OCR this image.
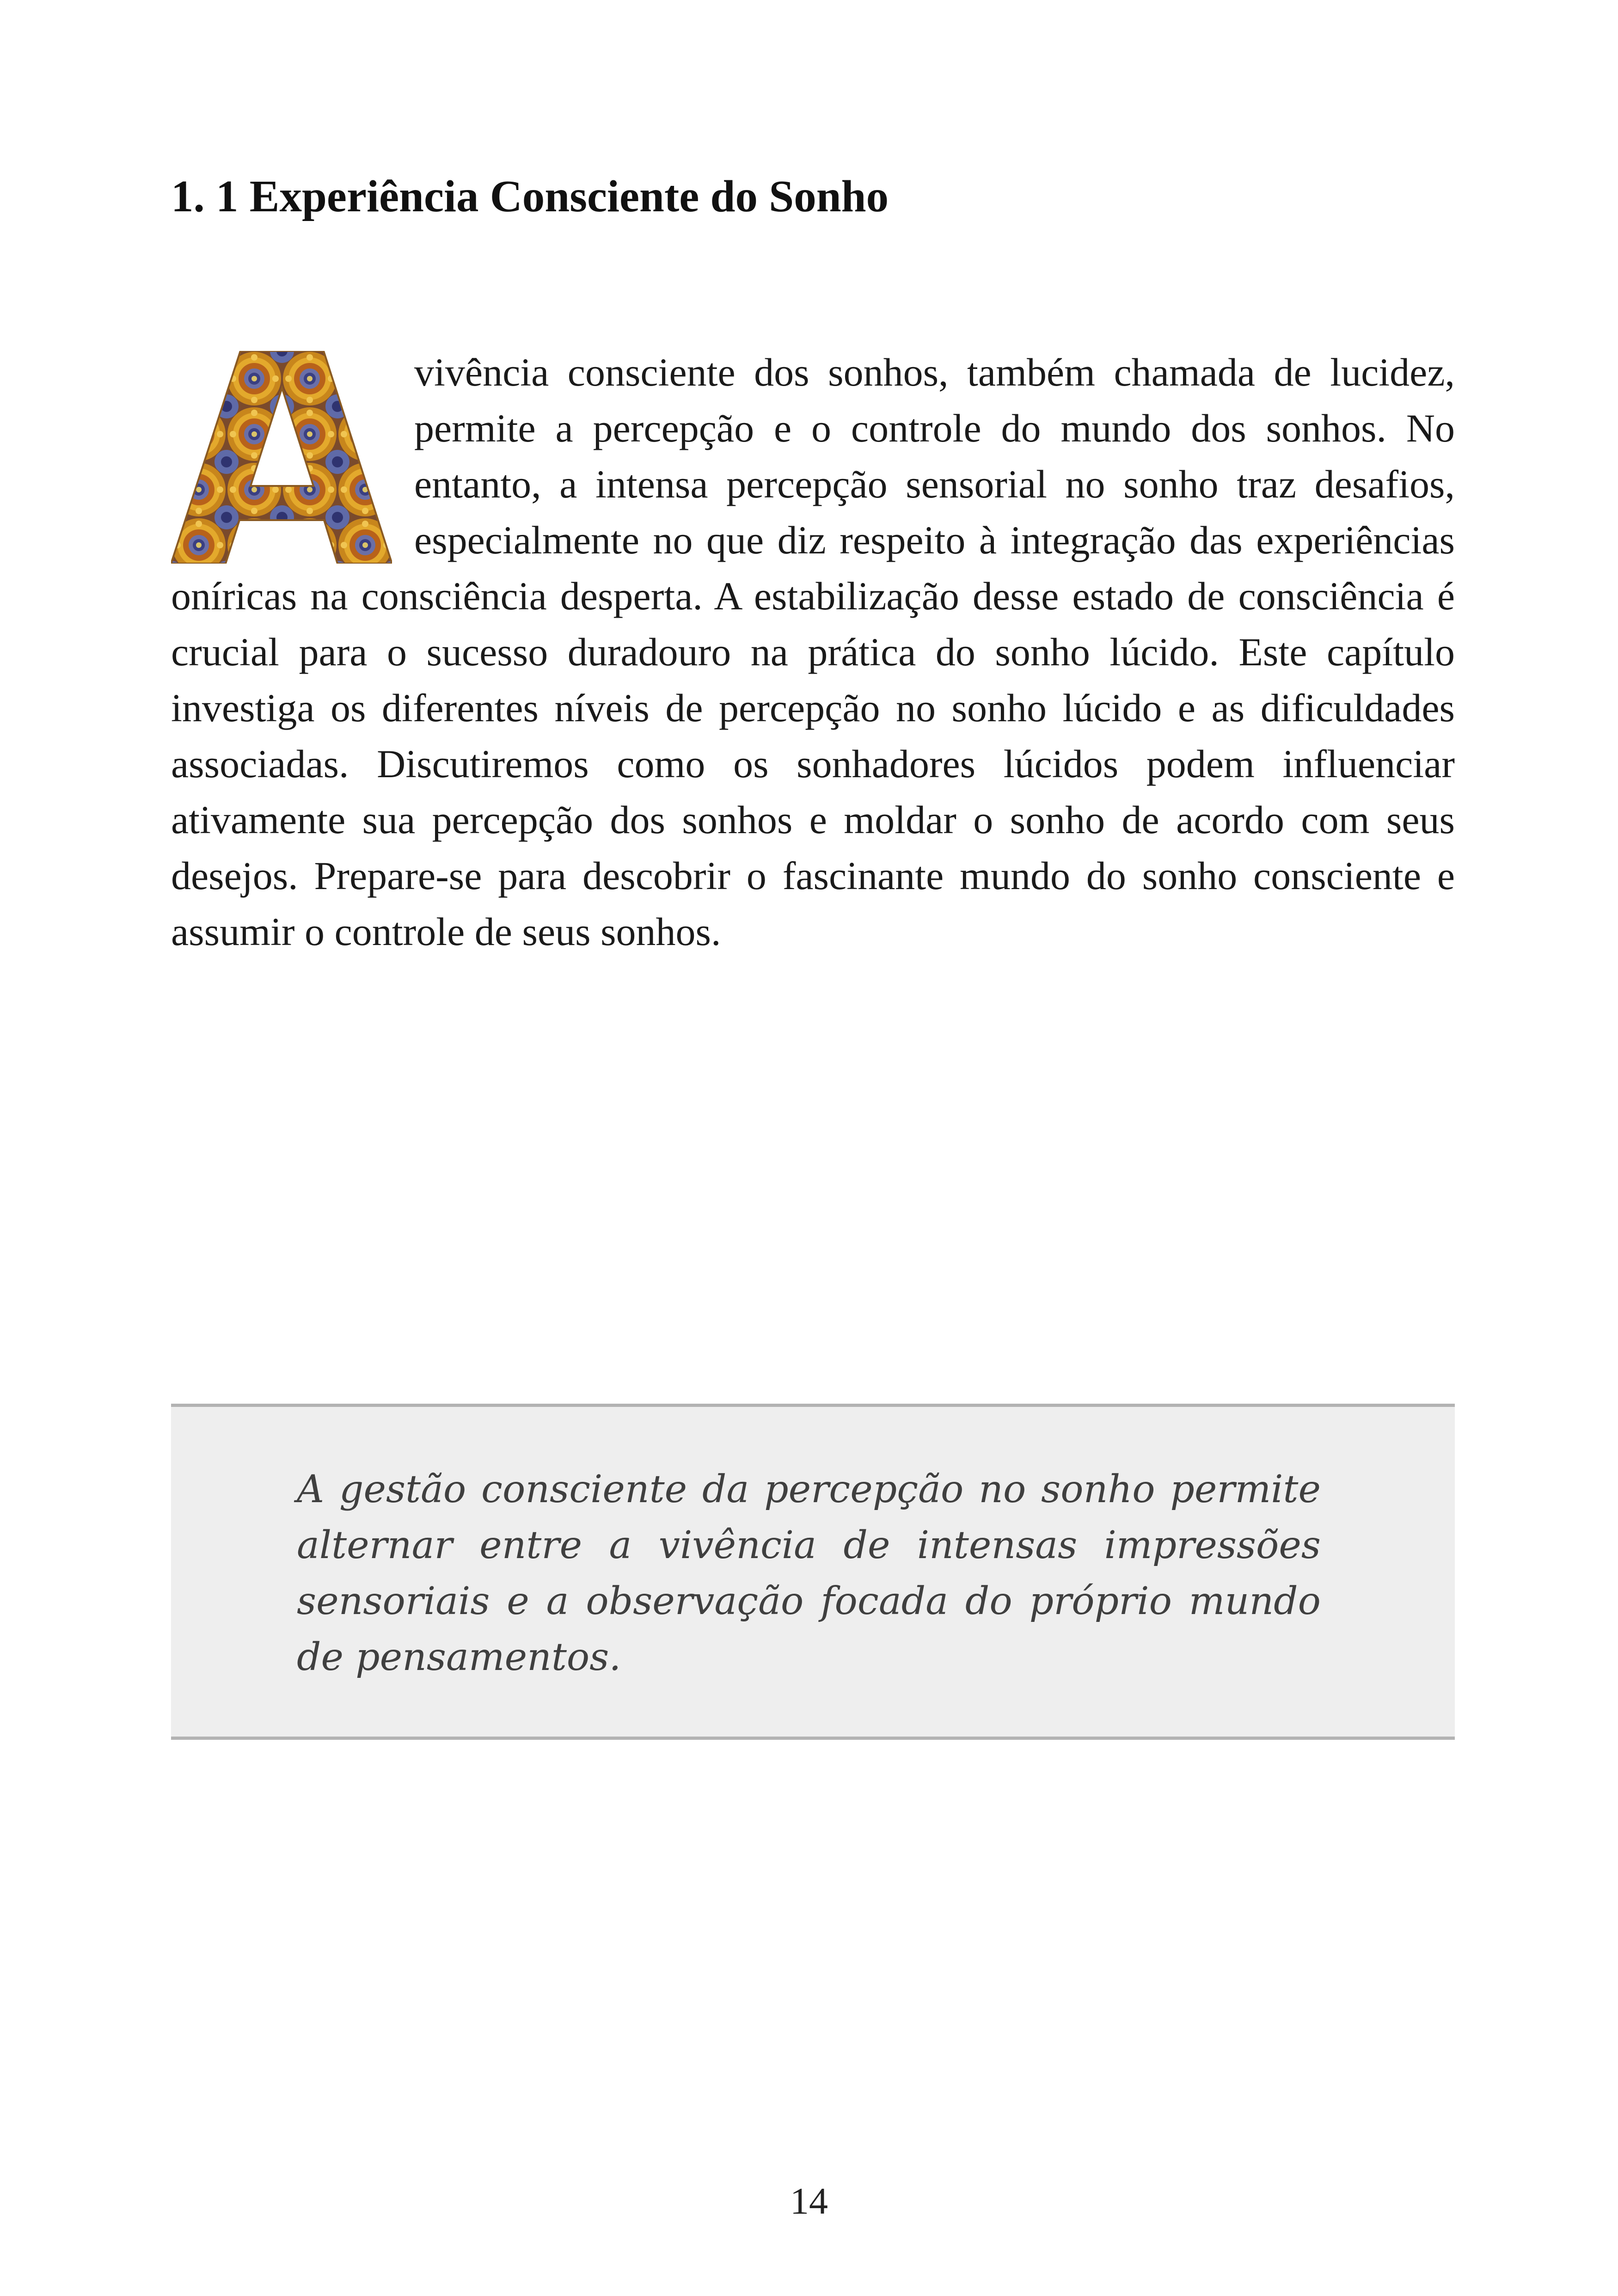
1. 1 Experiência Consciente do Sonho

vivência consciente dos sonhos, também chamada de lucidez, permite a percepção e o controle do mundo dos sonhos. No entanto, a intensa percepção sensorial no sonho traz desafios, especialmente no que diz respeito à integração das experiências oníricas na consciência desperta. A estabilização desse estado de consciência é crucial para o sucesso duradouro na prática do sonho lúcido. Este capítulo investiga os diferentes níveis de percepção no sonho lúcido e as dificuldades associadas. Discutiremos como os sonhadores lúcidos podem influenciar ativamente sua percepção dos sonhos e moldar o sonho de acordo com seus desejos. Prepare-se para descobrir o fascinante mundo do sonho consciente e assumir o controle de seus sonhos.

A gestão consciente da percepção no sonho permite alternar entre a vivência de intensas impressões sensoriais e a observação focada do próprio mundo de pensamentos.

14
